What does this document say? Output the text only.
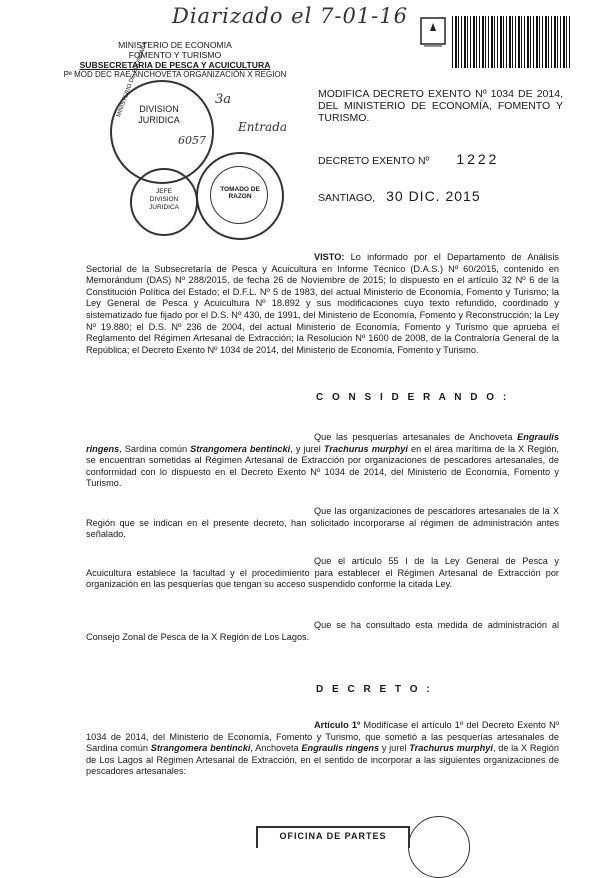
Diarizado el 7-01-16
MINISTERIO DE ECONOMIA
FOMENTO Y TURISMO
SUBSECRETARIA DE PESCA Y ACUICULTURA
Pª MOD DEC RAE ANCHOVETA ORGANIZACIÓN X REGION
MINISTERIO DE ECONOMIA
DIVISION JURIDICA
3a
Entrada
6057
JEFE DIVISION JURIDICA
TOMADO DE RAZON
MODIFICA DECRETO EXENTO Nº 1034 DE 2014, DEL MINISTERIO DE ECONOMÍA, FOMENTO Y TURISMO.
DECRETO EXENTO Nº 1222
SANTIAGO, 30 DIC. 2015

VISTO: Lo informado por el Departamento de Análisis Sectorial de la Subsecretaría de Pesca y Acuicultura en Informe Técnico (D.A.S.) Nº 60/2015, contenido en Memorándum (DAS) Nº 288/2015, de fecha 26 de Noviembre de 2015; lo dispuesto en el artículo 32 Nº 6 de la Constitución Política del Estado; el D.F.L. Nº 5 de 1983, del actual Ministerio de Economía, Fomento y Turismo; la Ley General de Pesca y Acuicultura Nº 18.892 y sus modificaciones cuyo texto refundido, coordinado y sistematizado fue fijado por el D.S. Nº 430, de 1991, del Ministerio de Economía, Fomento y Reconstrucción; la Ley Nº 19.880; el D.S. Nº 236 de 2004, del actual Ministerio de Economía, Fomento y Turismo que aprueba el Reglamento del Régimen Artesanal de Extracción; la Resolución Nº 1600 de 2008, de la Contraloría General de la República; el Decreto Exento Nº 1034 de 2014, del Ministerio de Economía, Fomento y Turismo.

C O N S I D E R A N D O :

Que las pesquerías artesanales de Anchoveta Engraulis ringens, Sardina común Strangomera bentincki, y jurel Trachurus murphyi en el área marítima de la X Región, se encuentran sometidas al Régimen Artesanal de Extracción por organizaciones de pescadores artesanales, de conformidad con lo dispuesto en el Decreto Exento Nº 1034 de 2014, del Ministerio de Economía, Fomento y Turismo.

Que las organizaciones de pescadores artesanales de la X Región que se indican en el presente decreto, han solicitado incorporarse al régimen de administración antes señalado.

Que el artículo 55 I de la Ley General de Pesca y Acuicultura establece la facultad y el procedimiento para establecer el Régimen Artesanal de Extracción por organización en las pesquerías que tengan su acceso suspendido conforme la citada Ley.

Que se ha consultado esta medida de administración al Consejo Zonal de Pesca de la X Región de Los Lagos.

D E C R E T O :

Artículo 1º Modifícase el artículo 1º del Decreto Exento Nº 1034 de 2014, del Ministerio de Economía, Fomento y Turismo, que sometió a las pesquerías artesanales de Sardina común Strangomera bentincki, Anchoveta Engraulis ringens y jurel Trachurus murphyi, de la X Región de Los Lagos al Régimen Artesanal de Extracción, en el sentido de incorporar a las siguientes organizaciones de pescadores artesanales:

OFICINA DE PARTES
